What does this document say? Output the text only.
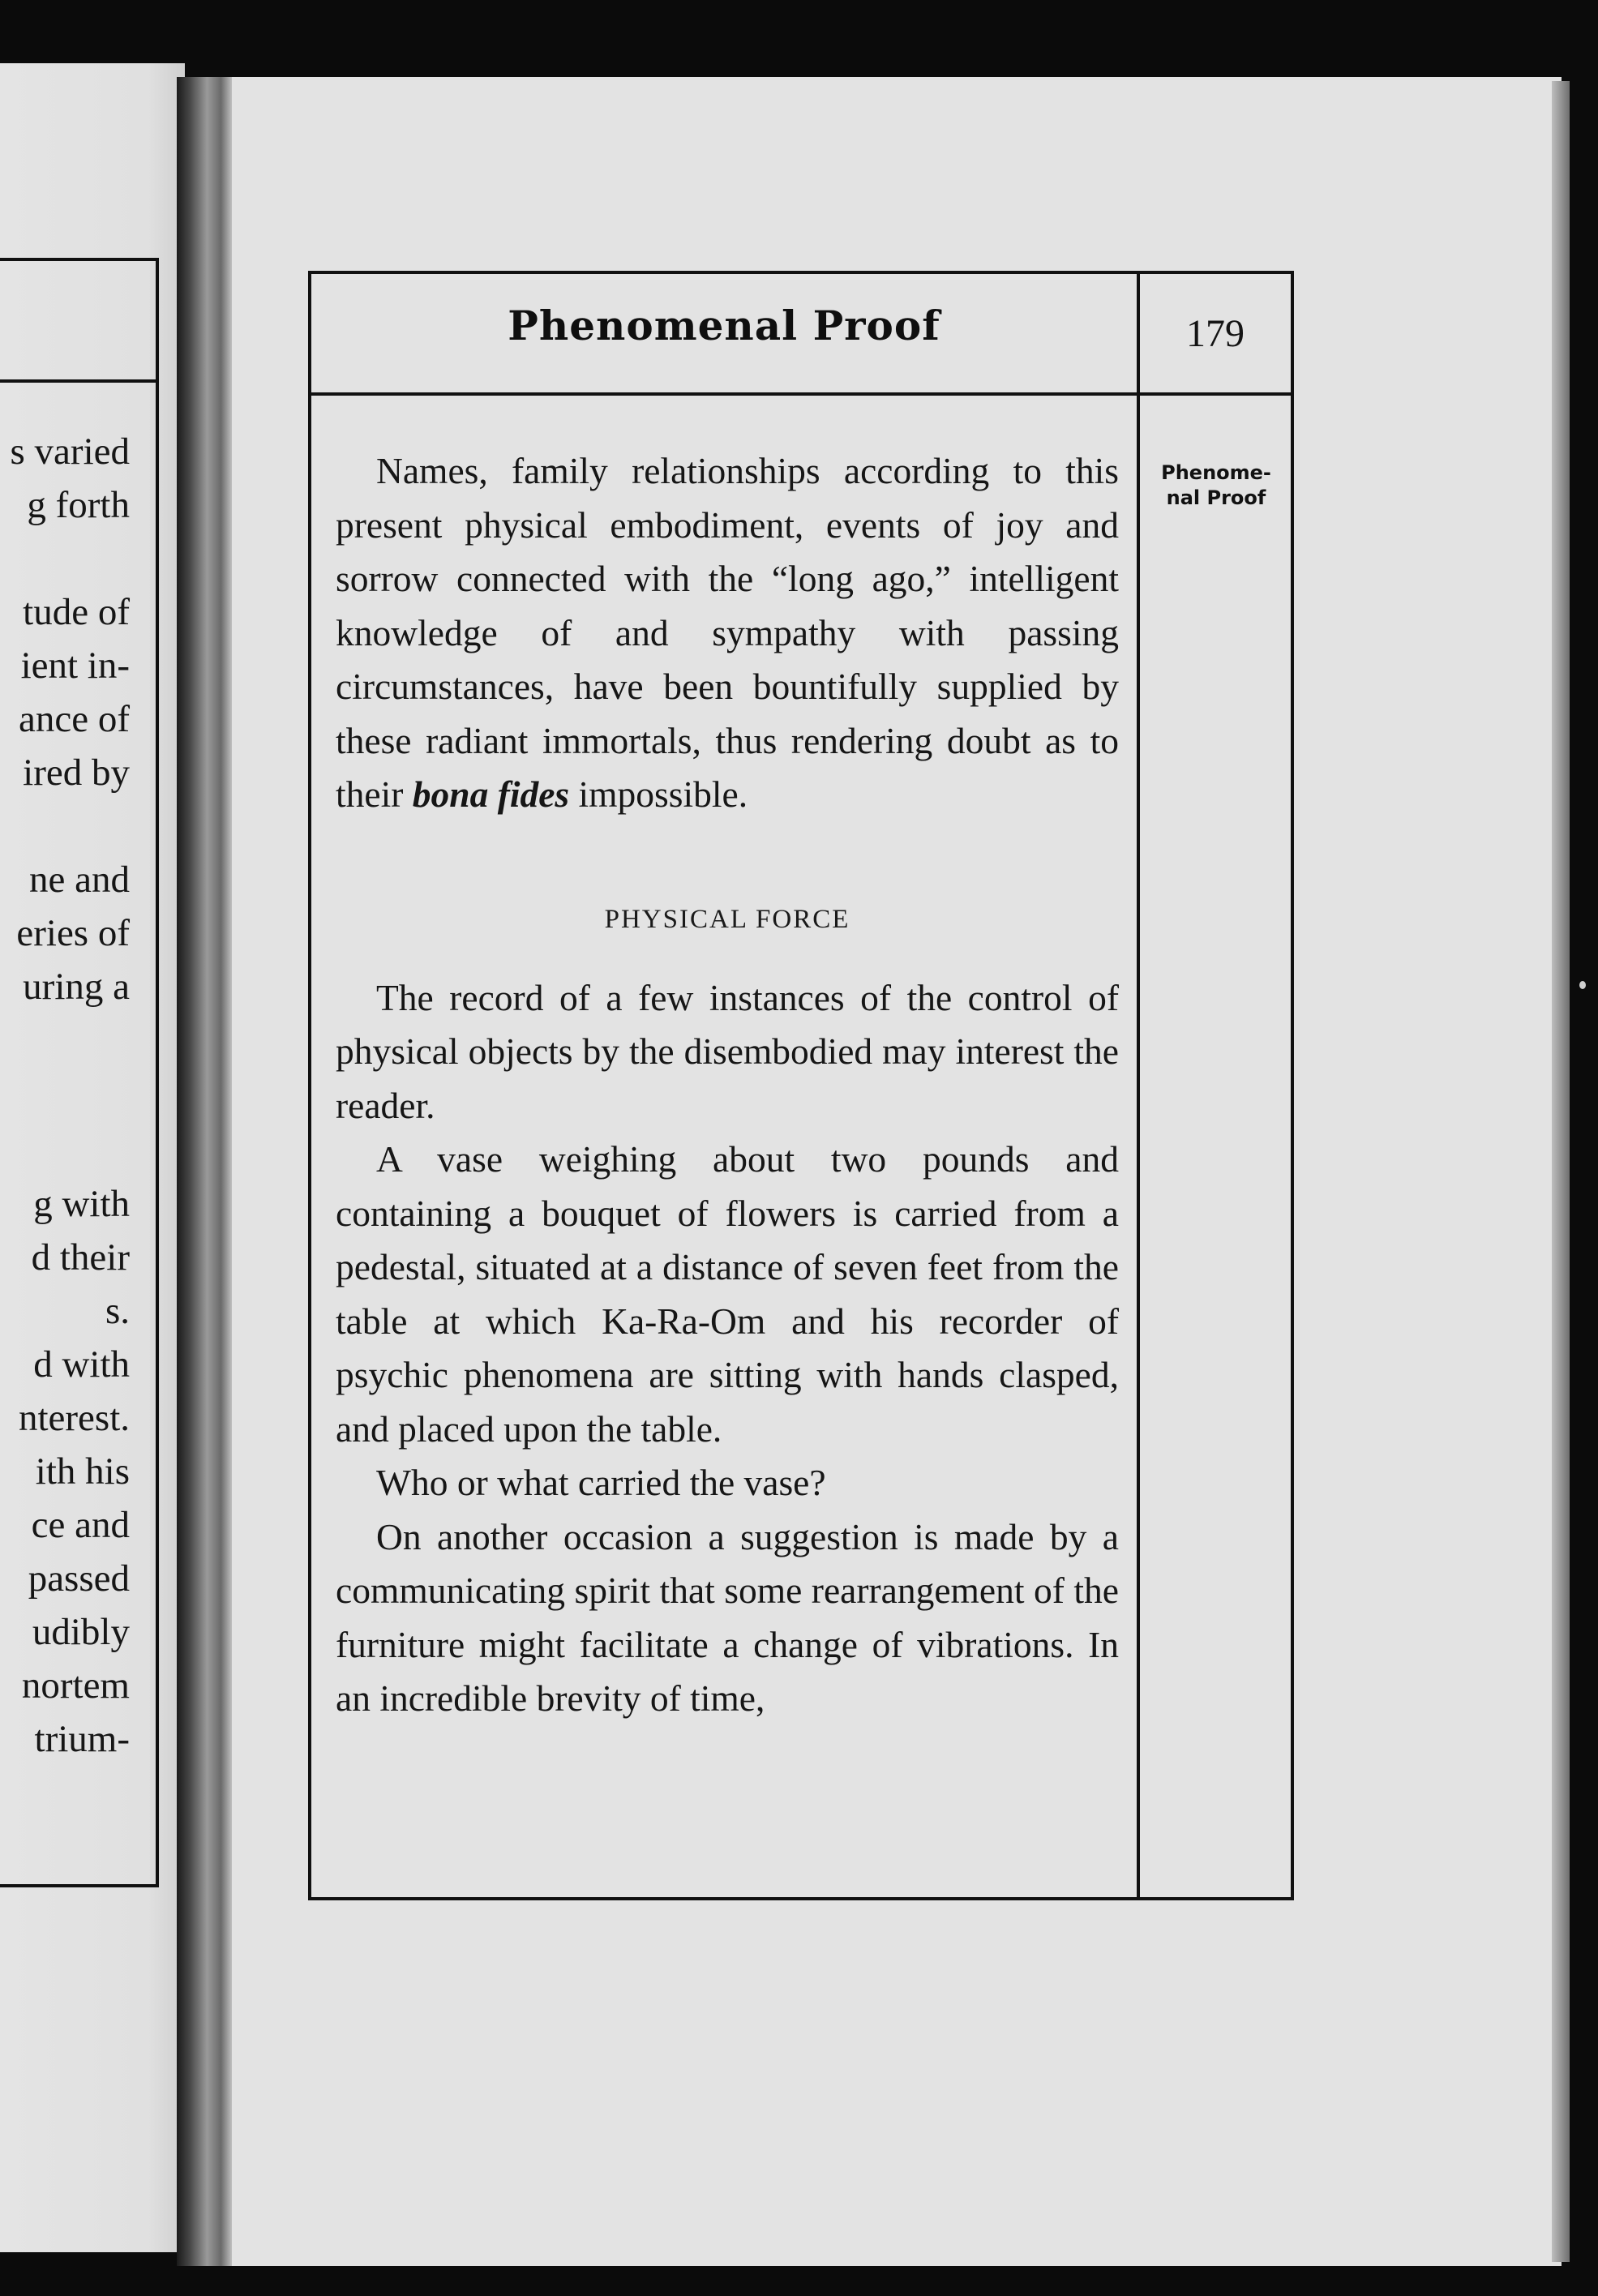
s varied
g forth
tude of
ient in-
ance of
ired by
ne and
eries of
uring a
g with
d their
s.
d with
nterest.
ith his
ce and
passed
udibly
nortem
trium-
Phenomenal Proof	179
Phenome-nal Proof

Names, family relationships according to this present physical embodiment, events of joy and sorrow connected with the “long ago,” intelligent knowledge of and sympathy with passing circumstances, have been bountifully supplied by these radiant immortals, thus rendering doubt as to their bona fides impossible.

PHYSICAL FORCE

The record of a few instances of the control of physical objects by the disembodied may interest the reader.

A vase weighing about two pounds and containing a bouquet of flowers is carried from a pedestal, situated at a distance of seven feet from the table at which Ka-Ra-Om and his recorder of psychic phenomena are sitting with hands clasped, and placed upon the table.

Who or what carried the vase?

On another occasion a suggestion is made by a communicating spirit that some rearrangement of the furniture might facilitate a change of vibrations. In an incredible brevity of time,
